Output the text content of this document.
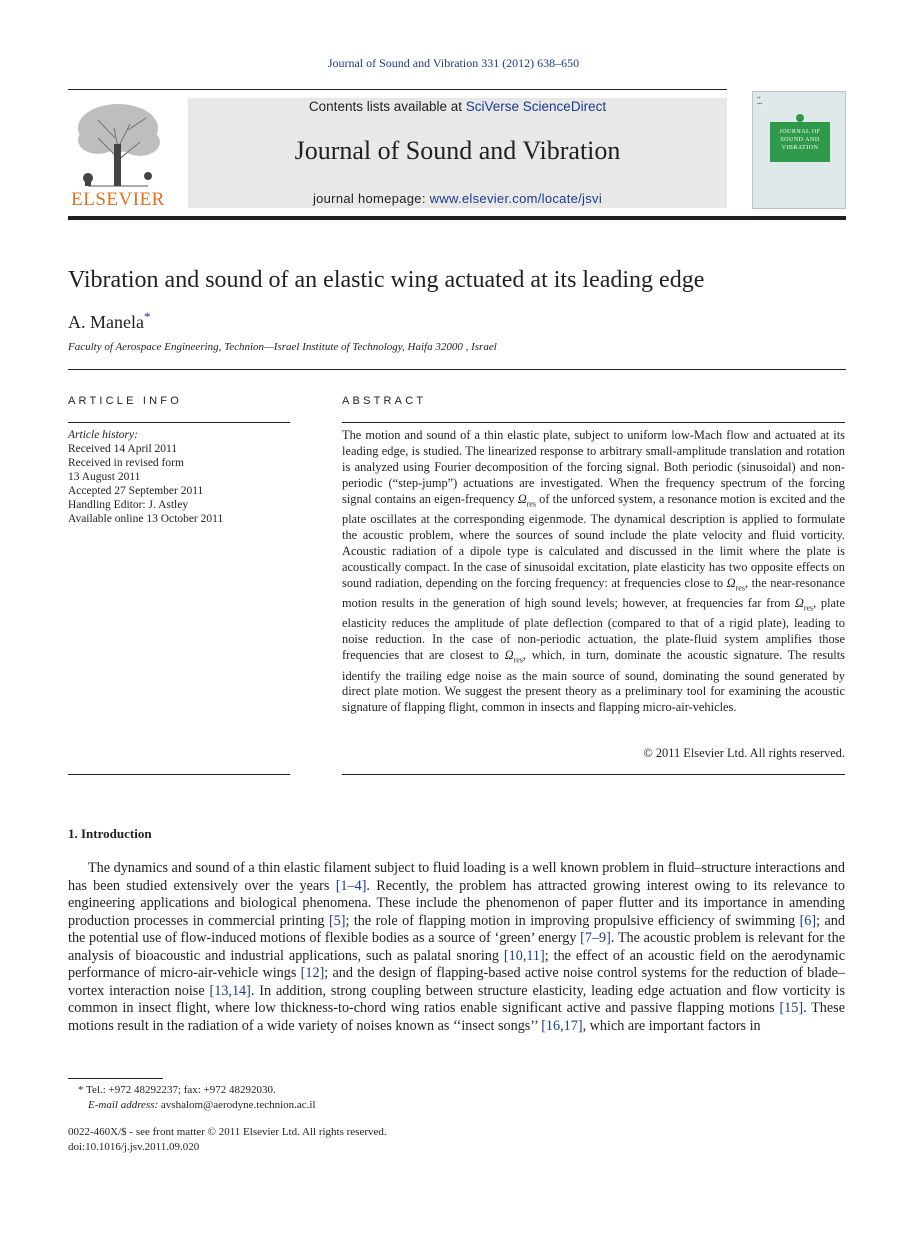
Journal of Sound and Vibration 331 (2012) 638–650
ELSEVIER
Contents lists available at SciVerse ScienceDirect
Journal of Sound and Vibration
journal homepage: www.elsevier.com/locate/jsvi
▪▪
▪▪▪
JOURNAL OF SOUND AND VIBRATION
Vibration and sound of an elastic wing actuated at its leading edge
A. Manela*
Faculty of Aerospace Engineering, Technion—Israel Institute of Technology, Haifa 32000 , Israel
ARTICLE INFO
Article history:
Received 14 April 2011
Received in revised form
13 August 2011
Accepted 27 September 2011
Handling Editor: J. Astley
Available online 13 October 2011
ABSTRACT
The motion and sound of a thin elastic plate, subject to uniform low-Mach flow and actuated at its leading edge, is studied. The linearized response to arbitrary small-amplitude translation and rotation is analyzed using Fourier decomposition of the forcing signal. Both periodic (sinusoidal) and non-periodic (“step-jump”) actuations are investigated. When the frequency spectrum of the forcing signal contains an eigen-frequency $\Omega_{res}$ of the unforced system, a resonance motion is excited and the plate oscillates at the corresponding eigenmode. The dynamical description is applied to formulate the acoustic problem, where the sources of sound include the plate velocity and fluid vorticity. Acoustic radiation of a dipole type is calculated and discussed in the limit where the plate is acoustically compact. In the case of sinusoidal excitation, plate elasticity has two opposite effects on sound radiation, depending on the forcing frequency: at frequencies close to $\Omega_{res}$, the near-resonance motion results in the generation of high sound levels; however, at frequencies far from $\Omega_{res}$, plate elasticity reduces the amplitude of plate deflection (compared to that of a rigid plate), leading to noise reduction. In the case of non-periodic actuation, the plate-fluid system amplifies those frequencies that are closest to $\Omega_{res}$, which, in turn, dominate the acoustic signature. The results identify the trailing edge noise as the main source of sound, dominating the sound generated by direct plate motion. We suggest the present theory as a preliminary tool for examining the acoustic signature of flapping flight, common in insects and flapping micro-air-vehicles.
© 2011 Elsevier Ltd. All rights reserved.
1. Introduction
The dynamics and sound of a thin elastic filament subject to fluid loading is a well known problem in fluid–structure interactions and has been studied extensively over the years [1–4]. Recently, the problem has attracted growing interest owing to its relevance to engineering applications and biological phenomena. These include the phenomenon of paper flutter and its importance in amending production processes in commercial printing [5]; the role of flapping motion in improving propulsive efficiency of swimming [6]; and the potential use of flow-induced motions of flexible bodies as a source of ‘green’ energy [7–9]. The acoustic problem is relevant for the analysis of bioacoustic and industrial applications, such as palatal snoring [10,11]; the effect of an acoustic field on the aerodynamic performance of micro-air-vehicle wings [12]; and the design of flapping-based active noise control systems for the reduction of blade–vortex interaction noise [13,14]. In addition, strong coupling between structure elasticity, leading edge actuation and flow vorticity is common in insect flight, where low thickness-to-chord wing ratios enable significant active and passive flapping motions [15]. These motions result in the radiation of a wide variety of noises known as ‘‘insect songs’’ [16,17], which are important factors in
* Tel.: +972 48292237; fax: +972 48292030.
E-mail address: avshalom@aerodyne.technion.ac.il
0022-460X/$ - see front matter © 2011 Elsevier Ltd. All rights reserved.
doi:10.1016/j.jsv.2011.09.020
